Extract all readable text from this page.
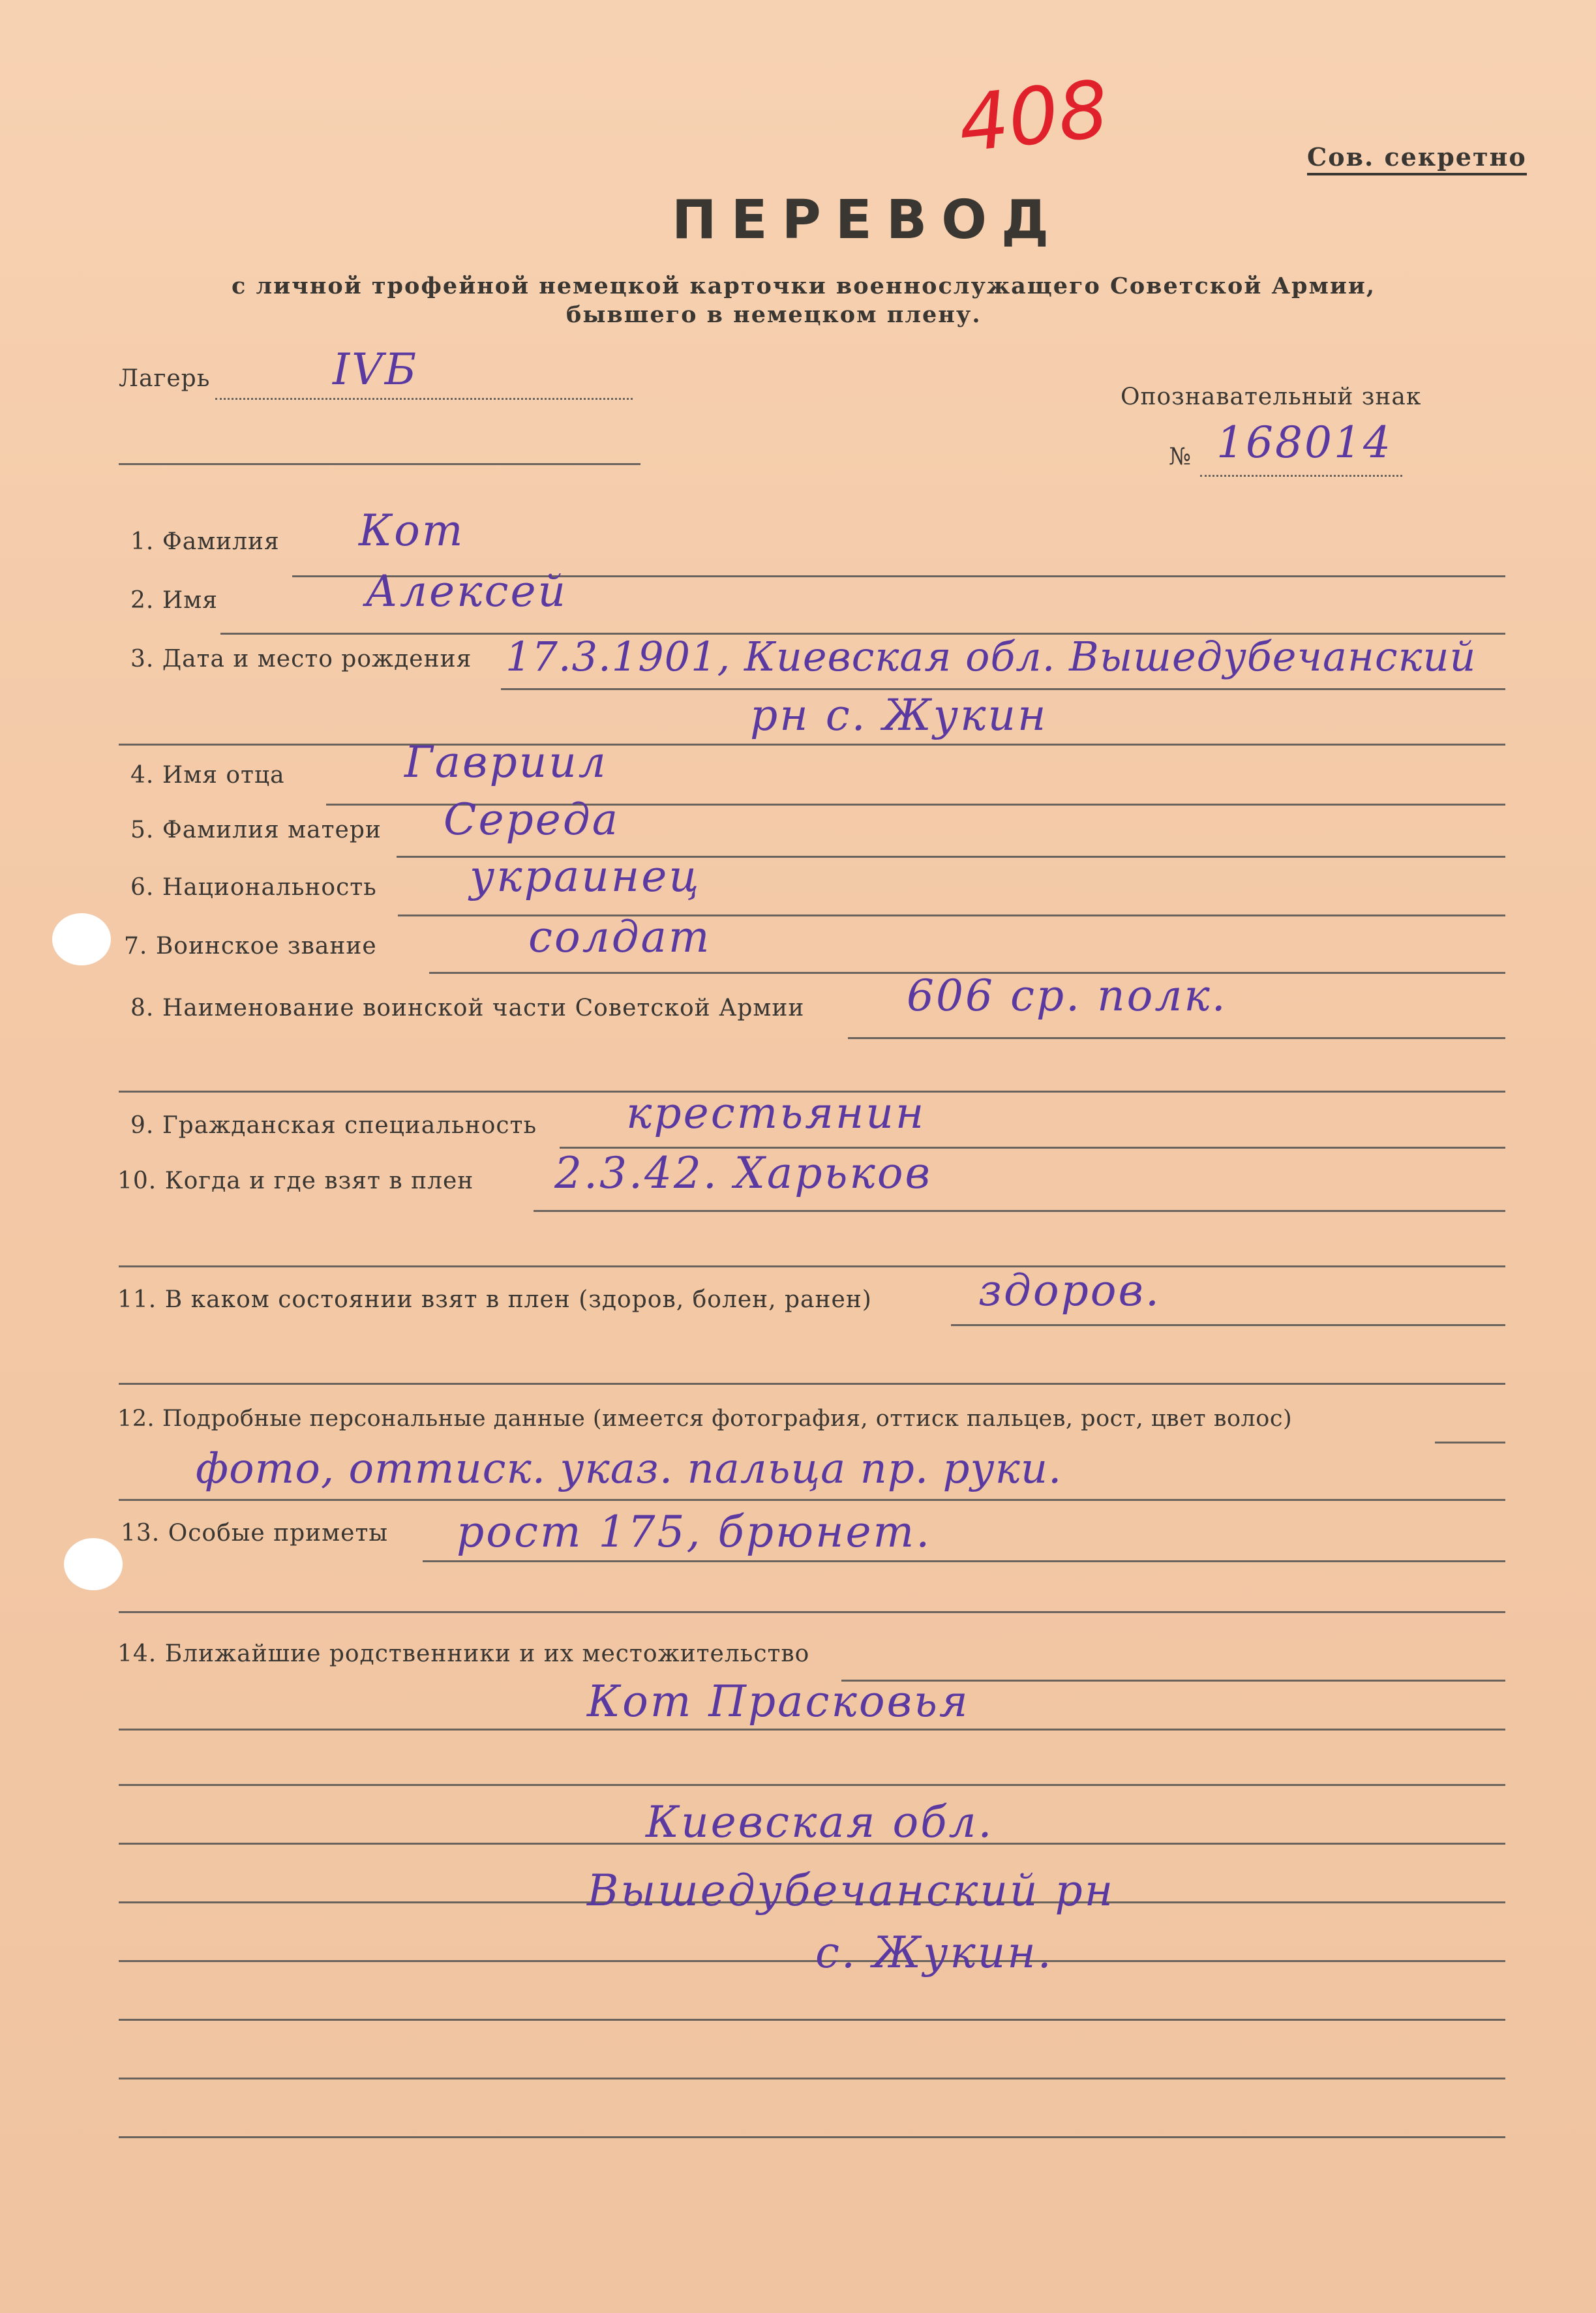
408	Сов. секретно
ПЕРЕВОД
с личной трофейной немецкой карточки военнослужащего Советской Армии,
бывшего в немецком плену.
Лагерь	IVБ
Опознавательный знак
№ 168014
1. Фамилия Кот
2. Имя	Алексей
3. Дата и место рождения 17.3.1901, Киевская обл. Вышедубечанский
рн с. Жукин
4. Имя отца	Гавриил
5. Фамилия матери Середа
6. Национальность украинец
7. Воинское звание	солдат
8. Наименование воинской части Советской Армии 606 ср. полк.
9. Гражданская специальность крестьянин
10. Когда и где взят в плен 2.3.42. Харьков
11. В каком состоянии взят в плен (здоров, болен, ранен) здоров.
12. Подробные персональные данные (имеется фотография, оттиск пальцев, рост, цвет волос)
фото, оттиск. указ. пальца пр. руки.
13. Особые приметы рост 175, брюнет.
14. Ближайшие родственники и их местожительство
Кот Прасковья
Киевская обл.
Вышедубечанский рн
с. Жукин.
